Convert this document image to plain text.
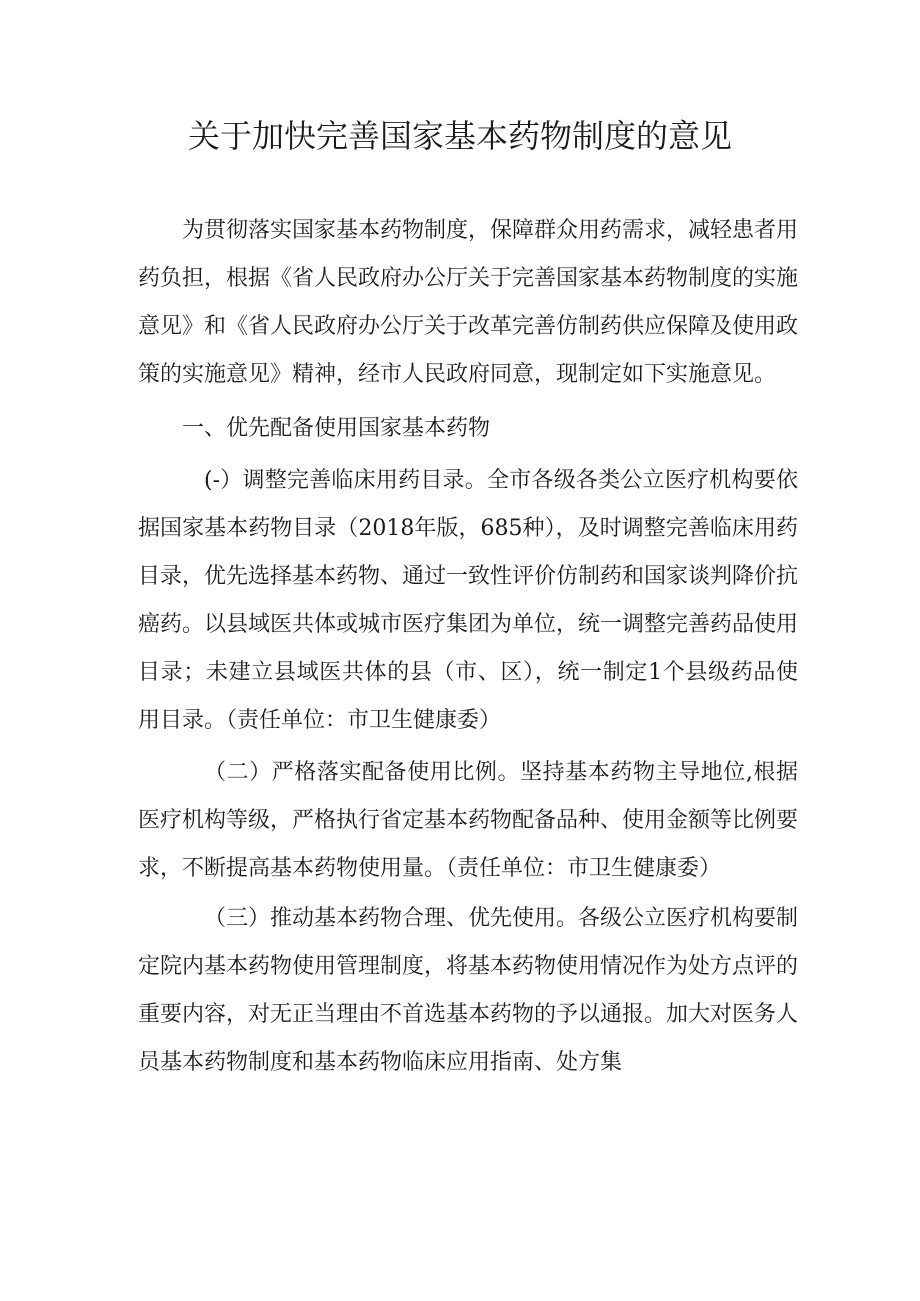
关于加快完善国家基本药物制度的意见

为贯彻落实国家基本药物制度，保障群众用药需求，减轻患者用药负担，根据《省人民政府办公厅关于完善国家基本药物制度的实施意见》和《省人民政府办公厅关于改革完善仿制药供应保障及使用政策的实施意见》精神，经市人民政府同意，现制定如下实施意见。

一、优先配备使用国家基本药物

(-）调整完善临床用药目录。全市各级各类公立医疗机构要依据国家基本药物目录（2018年版，685种），及时调整完善临床用药目录，优先选择基本药物、通过一致性评价仿制药和国家谈判降价抗癌药。以县域医共体或城市医疗集团为单位，统一调整完善药品使用目录；未建立县域医共体的县（市、区），统一制定1个县级药品使用目录。（责任单位：市卫生健康委）

（二）严格落实配备使用比例。坚持基本药物主导地位,根据医疗机构等级，严格执行省定基本药物配备品种、使用金额等比例要求，不断提高基本药物使用量。（责任单位：市卫生健康委）

（三）推动基本药物合理、优先使用。各级公立医疗机构要制定院内基本药物使用管理制度，将基本药物使用情况作为处方点评的重要内容，对无正当理由不首选基本药物的予以通报。加大对医务人员基本药物制度和基本药物临床应用指南、处方集
